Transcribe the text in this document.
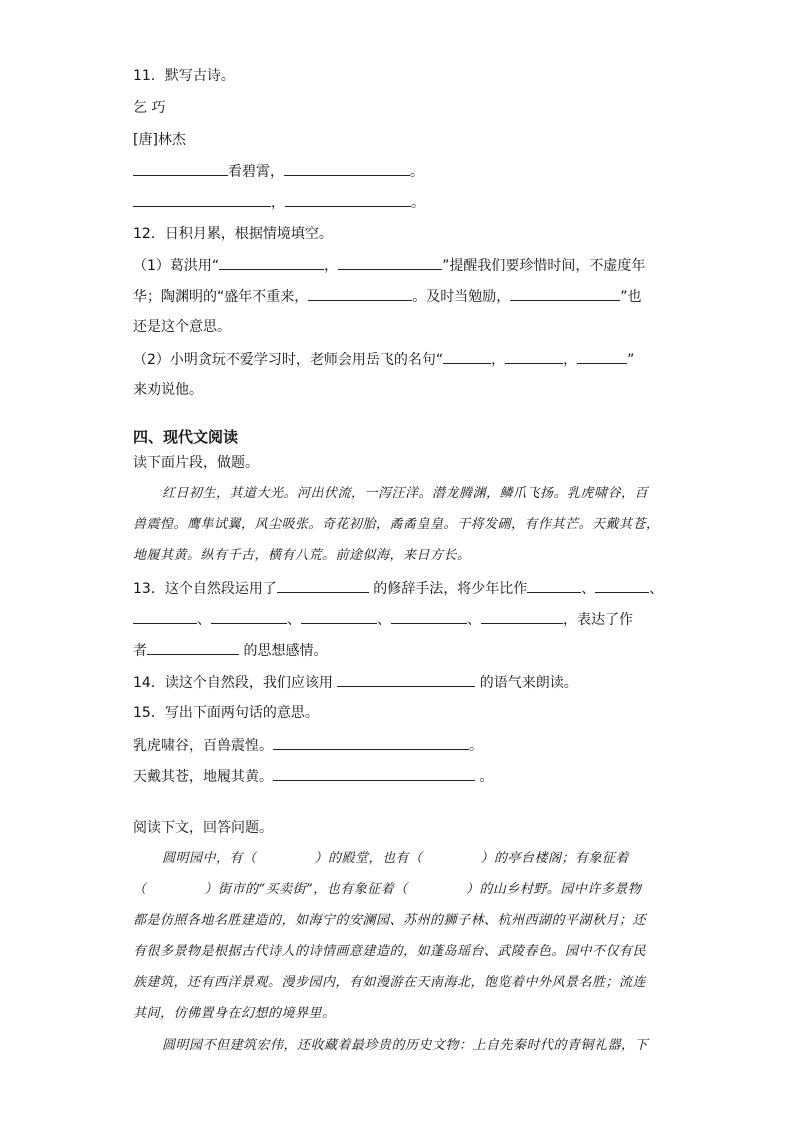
11．默写古诗。
乞 巧
[唐]林杰
看碧霄，	。
，	。
12．日积月累，根据情境填空。
（1）葛洪用“	，	”提醒我们要珍惜时间，不虚度年
华；陶渊明的“盛年不重来，	。及时当勉励，	”也
还是这个意思。
（2）小明贪玩不爱学习时，老师会用岳飞的名句“	，	，	”
来劝说他。
四、现代文阅读
读下面片段，做题。
红日初生，其道大光。河出伏流，一泻汪洋。潜龙腾渊，鳞爪飞扬。乳虎啸谷，百
兽震惶。鹰隼试翼，风尘吸张。奇花初胎，矞矞皇皇。干将发硎，有作其芒。天戴其苍，
地履其黄。纵有千古，横有八荒。前途似海，来日方长。
13．这个自然段运用了	的修辞手法，将少年比作	、	、
、	、	、	、	，表达了作
者	的思想感情。
14．读这个自然段，我们应该用	的语气来朗读。
15．写出下面两句话的意思。
乳虎啸谷，百兽震惶。	。
天戴其苍，地履其黄。	。
阅读下文，回答问题。
圆明园中，有（	）的殿堂，也有（	）的亭台楼阁；有象征着
（	）街市的“买卖街”，也有象征着（	）的山乡村野。园中许多景物
都是仿照各地名胜建造的，如海宁的安澜园、苏州的狮子林、杭州西湖的平湖秋月；还
有很多景物是根据古代诗人的诗情画意建造的，如蓬岛瑶台、武陵春色。园中不仅有民
族建筑，还有西洋景观。漫步园内，有如漫游在天南海北，饱览着中外风景名胜；流连
其间，仿佛置身在幻想的境界里。
圆明园不但建筑宏伟，还收藏着最珍贵的历史文物：上自先秦时代的青铜礼器，下
